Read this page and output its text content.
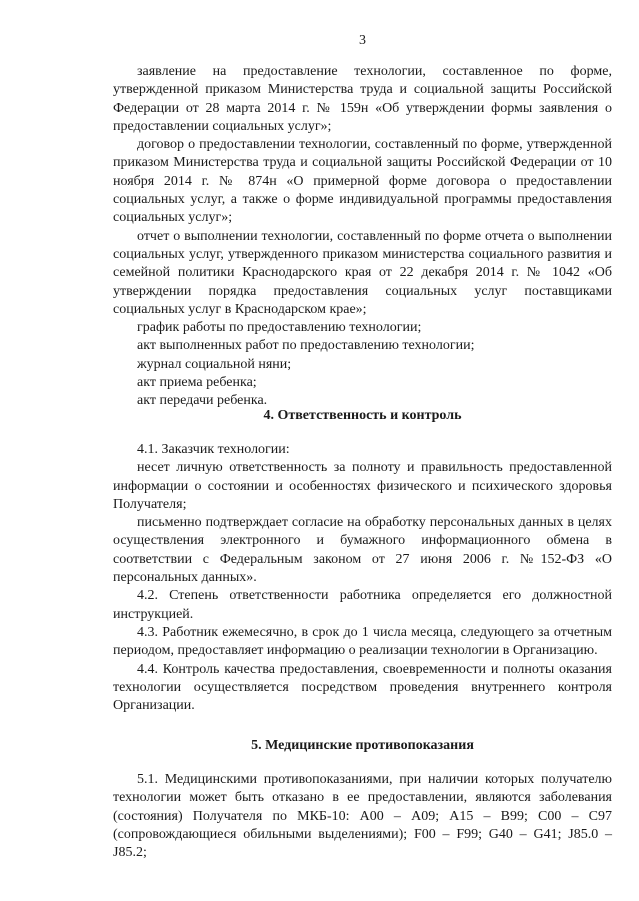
3

заявление на предоставление технологии, составленное по форме, утвержденной приказом Министерства труда и социальной защиты Российской Федерации от 28 марта 2014 г. № 159н «Об утверждении формы заявления о предоставлении социальных услуг»;

договор о предоставлении технологии, составленный по форме, утвержденной приказом Министерства труда и социальной защиты Российской Федерации от 10 ноября 2014 г. № 874н «О примерной форме договора о предоставлении социальных услуг, а также о форме индивидуальной программы предоставления социальных услуг»;

отчет о выполнении технологии, составленный по форме отчета о выполнении социальных услуг, утвержденного приказом министерства социального развития и семейной политики Краснодарского края от 22 декабря 2014 г. № 1042 «Об утверждении порядка предоставления социальных услуг поставщиками социальных услуг в Краснодарском крае»;

график работы по предоставлению технологии;

акт выполненных работ по предоставлению технологии;

журнал социальной няни;

акт приема ребенка;

акт передачи ребенка.

4. Ответственность и контроль

4.1. Заказчик технологии:

несет личную ответственность за полноту и правильность предоставленной информации о состоянии и особенностях физического и психического здоровья Получателя;

письменно подтверждает согласие на обработку персональных данных в целях осуществления электронного и бумажного информационного обмена в соответствии с Федеральным законом от 27 июня 2006 г. №152-ФЗ «О персональных данных».

4.2. Степень ответственности работника определяется его должностной инструкцией.

4.3. Работник ежемесячно, в срок до 1 числа месяца, следующего за отчетным периодом, предоставляет информацию о реализации технологии в Организацию.

4.4. Контроль качества предоставления, своевременности и полноты оказания технологии осуществляется посредством проведения внутреннего контроля Организации.

5. Медицинские противопоказания

5.1. Медицинскими противопоказаниями, при наличии которых получателю технологии может быть отказано в ее предоставлении, являются заболевания (состояния) Получателя по МКБ-10: А00 – А09; А15 – В99; С00 – С97 (сопровождающиеся обильными выделениями); F00 – F99; G40 – G41; J85.0 – J85.2;
